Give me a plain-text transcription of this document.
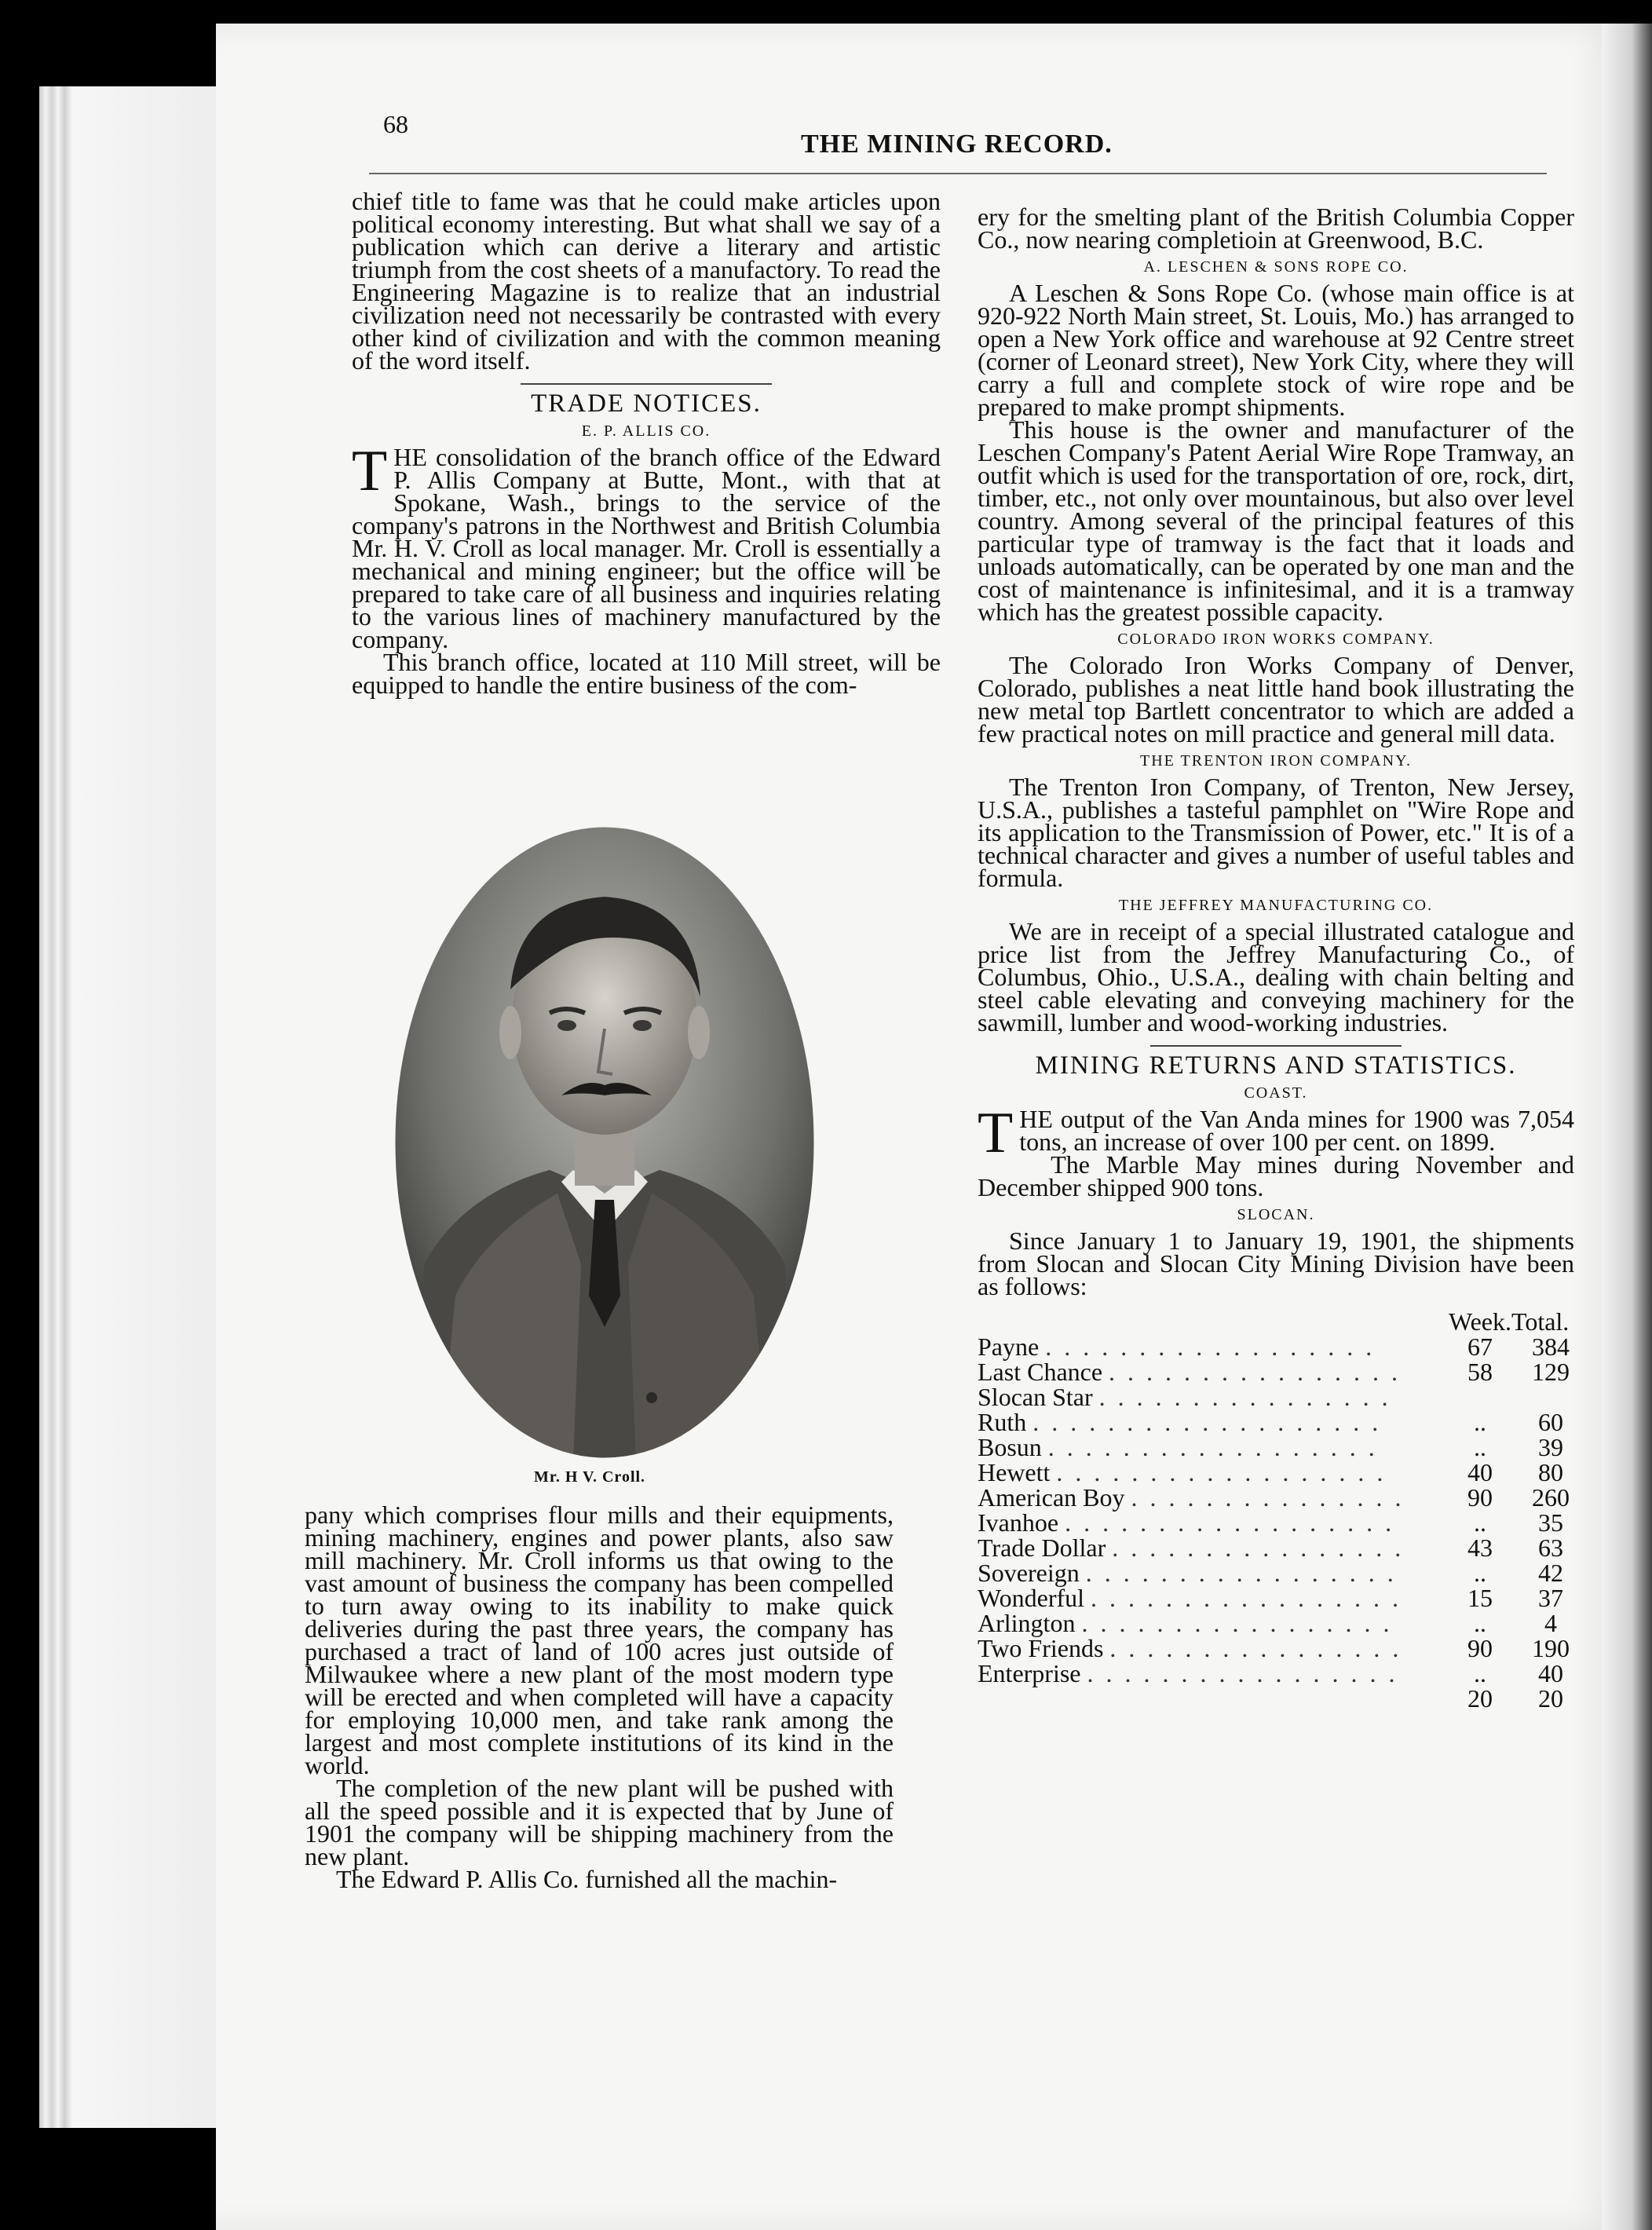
68
THE MINING RECORD.

chief title to fame was that he could make articles upon political economy interesting. But what shall we say of a publication which can derive a literary and artistic triumph from the cost sheets of a manufactory. To read the Engineering Magazine is to realize that an industrial civilization need not necessarily be contrasted with every other kind of civilization and with the common meaning of the word itself.

TRADE NOTICES.
E. P. ALLIS CO.

THE consolidation of the branch office of the Edward P. Allis Company at Butte, Mont., with that at Spokane, Wash., brings to the service of the company's patrons in the Northwest and British Columbia Mr. H. V. Croll as local manager. Mr. Croll is essentially a mechanical and mining engineer; but the office will be prepared to take care of all business and inquiries relating to the various lines of machinery manufactured by the company.

This branch office, located at 110 Mill street, will be equipped to handle the entire business of the com-

Mr. H V. Croll.

pany which comprises flour mills and their equipments, mining machinery, engines and power plants, also saw mill machinery. Mr. Croll informs us that owing to the vast amount of business the company has been compelled to turn away owing to its inability to make quick deliveries during the past three years, the company has purchased a tract of land of 100 acres just outside of Milwaukee where a new plant of the most modern type will be erected and when completed will have a capacity for employing 10,000 men, and take rank among the largest and most complete institutions of its kind in the world.

The completion of the new plant will be pushed with all the speed possible and it is expected that by June of 1901 the company will be shipping machinery from the new plant.

The Edward P. Allis Co. furnished all the machin-

ery for the smelting plant of the British Columbia Copper Co., now nearing completioin at Greenwood, B.C.

A. LESCHEN & SONS ROPE CO.

A Leschen & Sons Rope Co. (whose main office is at 920-922 North Main street, St. Louis, Mo.) has arranged to open a New York office and warehouse at 92 Centre street (corner of Leonard street), New York City, where they will carry a full and complete stock of wire rope and be prepared to make prompt shipments.

This house is the owner and manufacturer of the Leschen Company's Patent Aerial Wire Rope Tramway, an outfit which is used for the transportation of ore, rock, dirt, timber, etc., not only over mountainous, but also over level country. Among several of the principal features of this particular type of tramway is the fact that it loads and unloads automatically, can be operated by one man and the cost of maintenance is infinitesimal, and it is a tramway which has the greatest possible capacity.

COLORADO IRON WORKS COMPANY.

The Colorado Iron Works Company of Denver, Colorado, publishes a neat little hand book illustrating the new metal top Bartlett concentrator to which are added a few practical notes on mill practice and general mill data.

THE TRENTON IRON COMPANY.

The Trenton Iron Company, of Trenton, New Jersey, U.S.A., publishes a tasteful pamphlet on "Wire Rope and its application to the Transmission of Power, etc." It is of a technical character and gives a number of useful tables and formula.

THE JEFFREY MANUFACTURING CO.

We are in receipt of a special illustrated catalogue and price list from the Jeffrey Manufacturing Co., of Columbus, Ohio., U.S.A., dealing with chain belting and steel cable elevating and conveying machinery for the sawmill, lumber and wood-working industries.

MINING RETURNS AND STATISTICS.
COAST.

THE output of the Van Anda mines for 1900 was 7,054 tons, an increase of over 100 per cent. on 1899.

The Marble May mines during November and December shipped 900 tons.

SLOCAN.

Since January 1 to January 19, 1901, the shipments from Slocan and Slocan City Mining Division have been as follows:

	Week.	Total.
Payne . . . . . . . . . . . . . . . . . .	67	384
Last Chance . . . . . . . . . . . . . . . .	58	129
Slocan Star . . . . . . . . . . . . . . . .		
Ruth . . . . . . . . . . . . . . . . . . .	..	60
Bosun . . . . . . . . . . . . . . . . . .	..	39
Hewett . . . . . . . . . . . . . . . . . .	40	80
American Boy . . . . . . . . . . . . . . .	90	260
Ivanhoe . . . . . . . . . . . . . . . . . .	..	35
Trade Dollar . . . . . . . . . . . . . . . .	43	63
Sovereign . . . . . . . . . . . . . . . . .	..	42
Wonderful . . . . . . . . . . . . . . . . .	15	37
Arlington . . . . . . . . . . . . . . . . .	..	4
Two Friends . . . . . . . . . . . . . . . .	90	190
Enterprise . . . . . . . . . . . . . . . . .	..	40
	20	20
